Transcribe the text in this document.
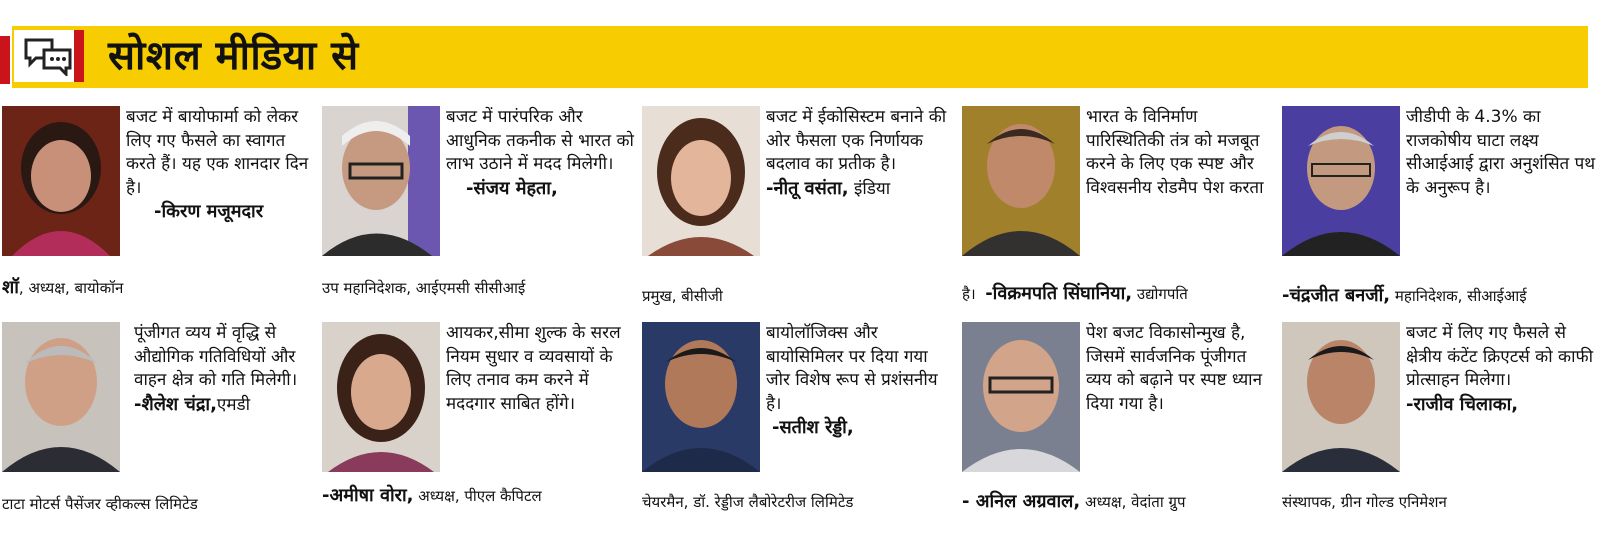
सोशल मीडिया से
बजट में बायोफार्मा को लेकर लिए गए फैसले का स्वागत करते हैं। यह एक शानदार दिन है।
-किरण मजूमदार
शॉ, अध्यक्ष, बायोकॉन
बजट में पारंपरिक और आधुनिक तकनीक से भारत को लाभ उठाने में मदद मिलेगी।
-संजय मेहता,
उप महानिदेशक, आईएमसी सीसीआई
बजट में ईकोसिस्टम बनाने की ओर फैसला एक निर्णायक बदलाव का प्रतीक है।
-नीतू वसंता, इंडिया
प्रमुख, बीसीजी
भारत के विनिर्माण पारिस्थितिकी तंत्र को मजबूत करने के लिए एक स्पष्ट और विश्वसनीय रोडमैप पेश करता
है। -विक्रमपति सिंघानिया, उद्योगपति
जीडीपी के 4.3% का राजकोषीय घाटा लक्ष्य सीआईआई द्वारा अनुशंसित पथ के अनुरूप है।
-चंद्रजीत बनर्जी, महानिदेशक, सीआईआई
पूंजीगत व्यय में वृद्धि से औद्योगिक गतिविधियों और वाहन क्षेत्र को गति मिलेगी।
-शैलेश चंद्रा,एमडी
टाटा मोटर्स पैसेंजर व्हीकल्स लिमिटेड
आयकर,सीमा शुल्क के सरल नियम सुधार व व्यवसायों के लिए तनाव कम करने में मददगार साबित होंगे।
-अमीषा वोरा, अध्यक्ष, पीएल कैपिटल
बायोलॉजिक्स और बायोसिमिलर पर दिया गया जोर विशेष रूप से प्रशंसनीय है।
-सतीश रेड्डी,
चेयरमैन, डॉ. रेड्डीज लैबोरेटरीज लिमिटेड
पेश बजट विकासोन्मुख है, जिसमें सार्वजनिक पूंजीगत व्यय को बढ़ाने पर स्पष्ट ध्यान दिया गया है।
- अनिल अग्रवाल, अध्यक्ष, वेदांता ग्रुप
बजट में लिए गए फैसले से क्षेत्रीय कंटेंट क्रिएटर्स को काफी प्रोत्साहन मिलेगा।
-राजीव चिलाका,
संस्थापक, ग्रीन गोल्ड एनिमेशन
